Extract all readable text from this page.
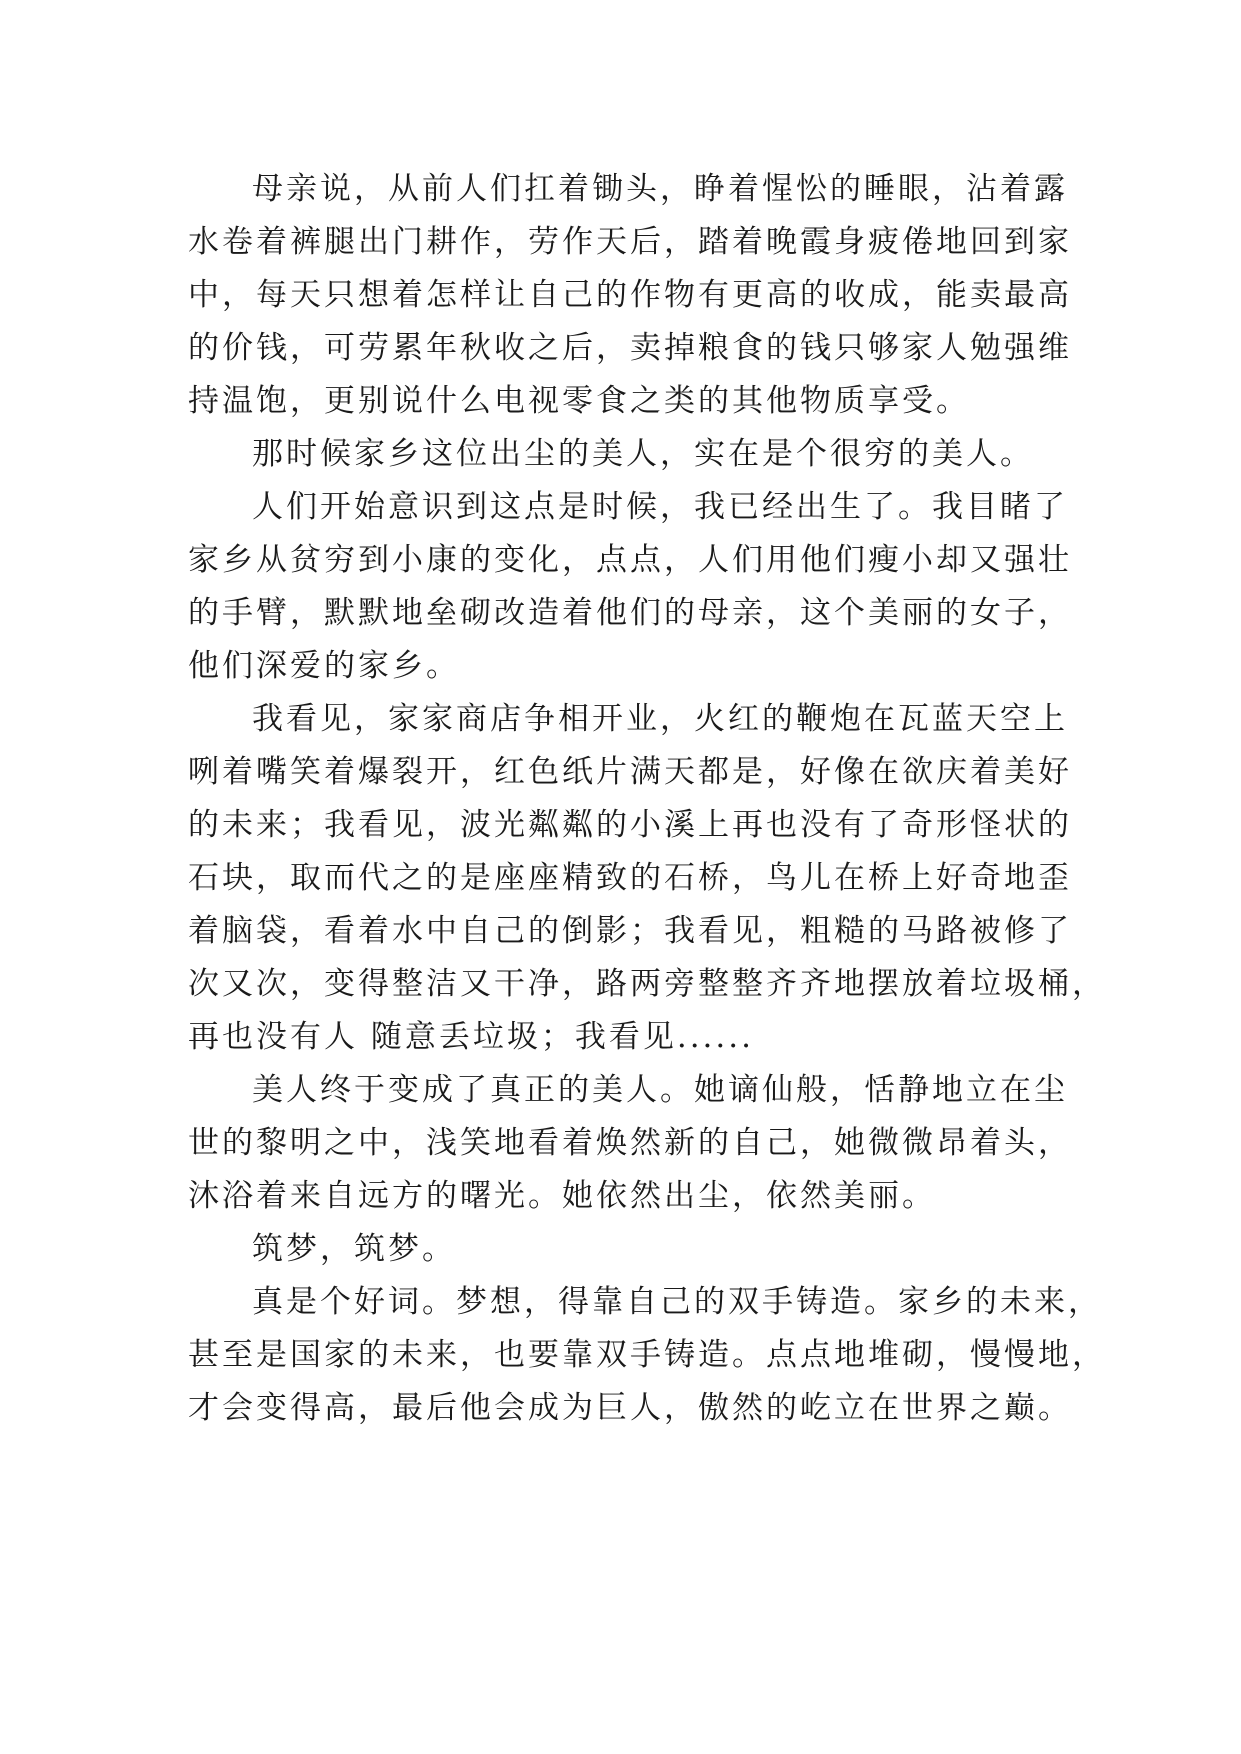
母亲说，从前人们扛着锄头，睁着惺忪的睡眼，沾着露
水卷着裤腿出门耕作，劳作天后，踏着晚霞身疲倦地回到家
中，每天只想着怎样让自己的作物有更高的收成，能卖最高
的价钱，可劳累年秋收之后，卖掉粮食的钱只够家人勉强维
持温饱，更别说什么电视零食之类的其他物质享受。
那时候家乡这位出尘的美人，实在是个很穷的美人。
人们开始意识到这点是时候，我已经出生了。我目睹了
家乡从贫穷到小康的变化，点点，人们用他们瘦小却又强壮
的手臂，默默地垒砌改造着他们的母亲，这个美丽的女子，
他们深爱的家乡。
我看见，家家商店争相开业，火红的鞭炮在瓦蓝天空上
咧着嘴笑着爆裂开，红色纸片满天都是，好像在欲庆着美好
的未来；我看见，波光粼粼的小溪上再也没有了奇形怪状的
石块，取而代之的是座座精致的石桥，鸟儿在桥上好奇地歪
着脑袋，看着水中自己的倒影；我看见，粗糙的马路被修了
次又次，变得整洁又干净，路两旁整整齐齐地摆放着垃圾桶，
再也没有人 随意丢垃圾；我看见......
美人终于变成了真正的美人。她谪仙般，恬静地立在尘
世的黎明之中，浅笑地看着焕然新的自己，她微微昂着头，
沐浴着来自远方的曙光。她依然出尘，依然美丽。
筑梦，筑梦。
真是个好词。梦想，得靠自己的双手铸造。家乡的未来，
甚至是国家的未来，也要靠双手铸造。点点地堆砌，慢慢地，
才会变得高，最后他会成为巨人，傲然的屹立在世界之巅。
